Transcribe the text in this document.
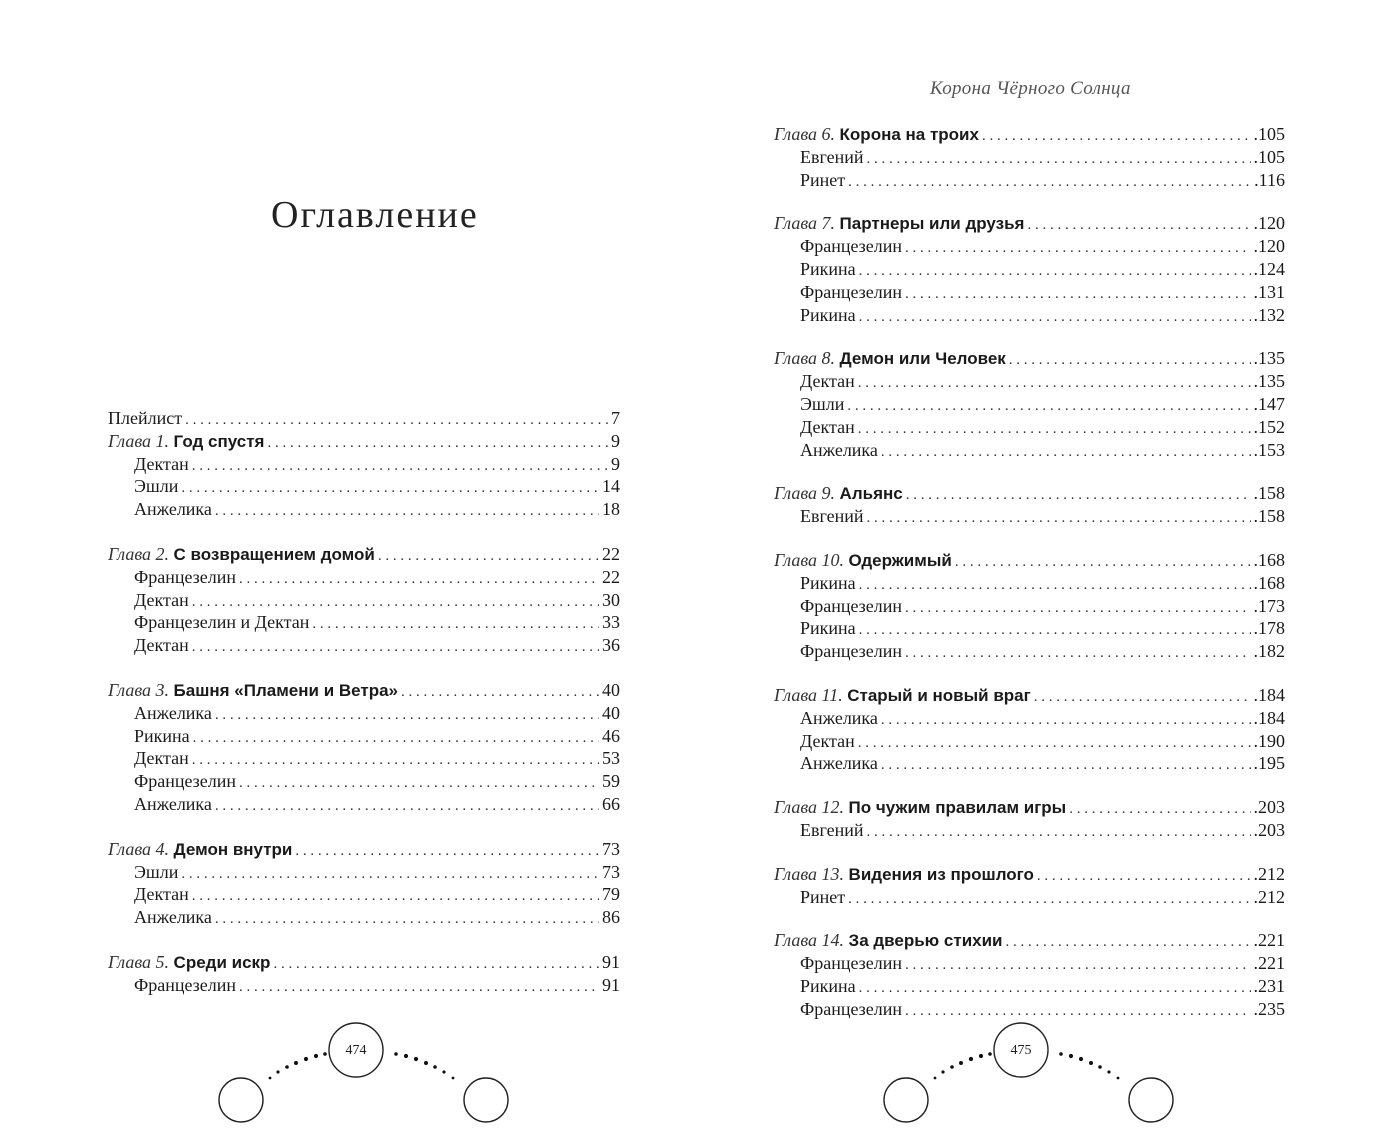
Оглавление
Корона Чёрного Солнца
Плейлист . . .	7
Глава 1. Год спустя . . .	9
Дектан . . .	9
Эшли . . .	14
Анжелика . . .	18
Глава 2. С возвращением домой . . .	22
Францезелин . . .	22
Дектан . . .	30
Францезелин и Дектан . . .	33
Дектан . . .	36
Глава 3. Башня «Пламени и Ветра» . . .	40
Анжелика . . .	40
Рикина . . .	46
Дектан . . .	53
Францезелин . . .	59
Анжелика . . .	66
Глава 4. Демон внутри . . .	73
Эшли . . .	73
Дектан . . .	79
Анжелика . . .	86
Глава 5. Среди искр . . .	91
Францезелин . . .	91
Глава 6. Корона на троих . . .	.105
Евгений . . .	.105
Ринет . . .	.116
Глава 7. Партнеры или друзья . . .	.120
Францезелин . . .	.120
Рикина . . .	.124
Францезелин . . .	.131
Рикина . . .	.132
Глава 8. Демон или Человек . . .	.135
Дектан . . .	.135
Эшли . . .	.147
Дектан . . .	.152
Анжелика . . .	.153
Глава 9. Альянс . . .	.158
Евгений . . .	.158
Глава 10. Одержимый . . .	.168
Рикина . . .	.168
Францезелин . . .	.173
Рикина . . .	.178
Францезелин . . .	.182
Глава 11. Старый и новый враг . . .	.184
Анжелика . . .	.184
Дектан . . .	.190
Анжелика . . .	.195
Глава 12. По чужим правилам игры . . .	.203
Евгений . . .	.203
Глава 13. Видения из прошлого . . .	.212
Ринет . . .	.212
Глава 14. За дверью стихии . . .	.221
Францезелин . . .	.221
Рикина . . .	.231
Францезелин . . .	.235
474	475
